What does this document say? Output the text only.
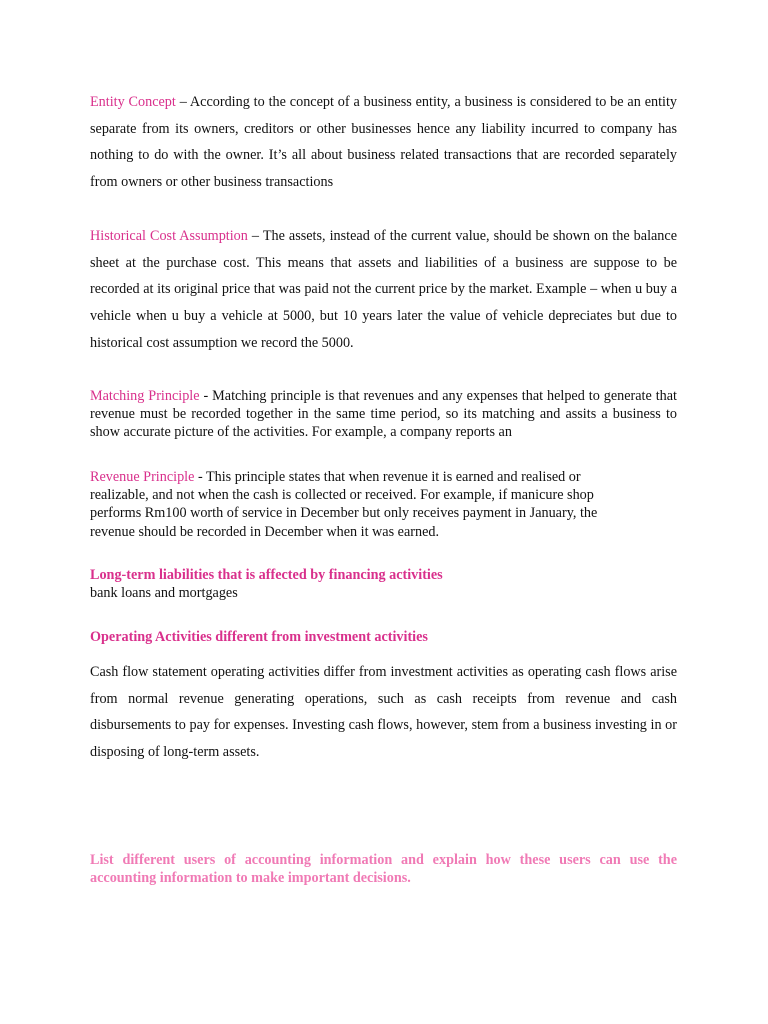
Entity Concept – According to the concept of a business entity, a business is considered to be an entity separate from its owners, creditors or other businesses hence any liability incurred to company has nothing to do with the owner. It’s all about business related transactions that are recorded separately from owners or other business transactions

Historical Cost Assumption – The assets, instead of the current value, should be shown on the balance sheet at the purchase cost. This means that assets and liabilities of a business are suppose to be recorded at its original price that was paid not the current price by the market. Example – when u buy a vehicle when u buy a vehicle at 5000, but 10 years later the value of vehicle depreciates but due to historical cost assumption we record the 5000.

Matching Principle - Matching principle is that revenues and any expenses that helped to generate that revenue must be recorded together in the same time period, so its matching and assits a business to show accurate picture of the activities. For example, a company reports an

Revenue Principle - This principle states that when revenue it is earned and realised or
realizable, and not when the cash is collected or received. For example, if manicure shop
performs Rm100 worth of service in December but only receives payment in January, the
revenue should be recorded in December when it was earned.

Long-term liabilities that is affected by financing activities

bank loans and mortgages

Operating Activities different from investment activities

Cash flow statement operating activities differ from investment activities as operating cash flows arise from normal revenue generating operations, such as cash receipts from revenue and cash disbursements to pay for expenses. Investing cash flows, however, stem from a business investing in or disposing of long-term assets.

List different users of accounting information and explain how these users can use the accounting information to make important decisions.
